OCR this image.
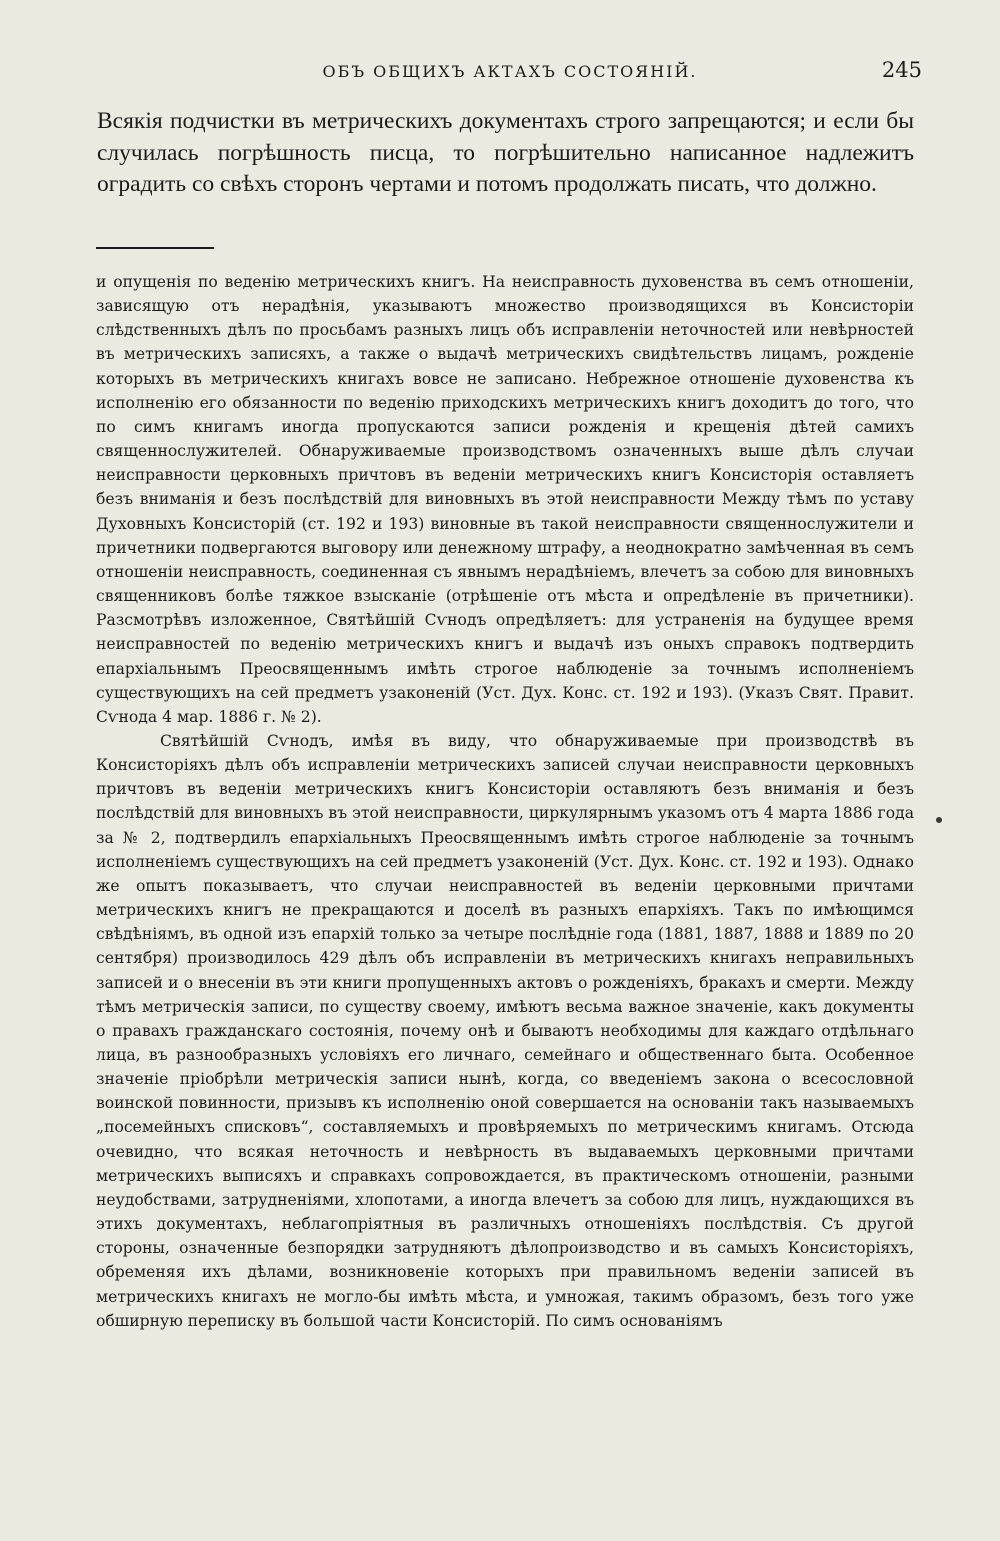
ОБЪ ОБЩИХЪ АКТАХЪ СОСТОЯНІЙ.	245
Всякія подчистки въ метрическихъ документахъ строго запрещаются; и если бы случилась погрѣшность писца, то погрѣшительно написанное надлежитъ оградить со свѣхъ сторонъ чертами и потомъ продолжать писать, что должно.

и опущенія по веденію метрическихъ книгъ. На неисправность духовенства въ семъ отношеніи, зависящую отъ нерадѣнія, указываютъ множество производящихся въ Консисторіи слѣдственныхъ дѣлъ по просьбамъ разныхъ лицъ объ исправленіи неточностей или невѣрностей въ метрическихъ записяхъ, а также о выдачѣ метрическихъ свидѣтельствъ лицамъ, рожденіе которыхъ въ метрическихъ книгахъ вовсе не записано. Небрежное отношеніе духовенства къ исполненію его обязанности по веденію приходскихъ метрическихъ книгъ доходитъ до того, что по симъ книгамъ иногда пропускаются записи рожденія и крещенія дѣтей самихъ священнослужителей. Обнаруживаемые производствомъ означенныхъ выше дѣлъ случаи неисправности церковныхъ причтовъ въ веденіи метрическихъ книгъ Консисторія оставляетъ безъ вниманія и безъ послѣдствій для виновныхъ въ этой неисправности Между тѣмъ по уставу Духовныхъ Консисторій (ст. 192 и 193) виновные въ такой неисправности священнослужители и причетники подвергаются выговору или денежному штрафу, а неоднократно замѣченная въ семъ отношеніи неисправность, соединенная съ явнымъ нерадѣніемъ, влечетъ за собою для виновныхъ священниковъ болѣе тяжкое взысканіе (отрѣшеніе отъ мѣста и опредѣленіе въ причетники). Разсмотрѣвъ изложенное, Святѣйшій Сѵнодъ опредѣляетъ: для устраненія на будущее время неисправностей по веденію метрическихъ книгъ и выдачѣ изъ оныхъ справокъ подтвердить епархіальнымъ Преосвященнымъ имѣть строгое наблюденіе за точнымъ исполненіемъ существующихъ на сей предметъ узаконеній (Уст. Дух. Конс. ст. 192 и 193). (Указъ Свят. Правит. Сѵнода 4 мар. 1886 г. № 2).

Святѣйшій Сѵнодъ, имѣя въ виду, что обнаруживаемые при производствѣ въ Консисторіяхъ дѣлъ объ исправленіи метрическихъ записей случаи неисправности церковныхъ причтовъ въ веденіи метрическихъ книгъ Консисторіи оставляютъ безъ вниманія и безъ послѣдствій для виновныхъ въ этой неисправности, циркулярнымъ указомъ отъ 4 марта 1886 года за № 2, подтвердилъ епархіальныхъ Преосвященнымъ имѣть строгое наблюденіе за точнымъ исполненіемъ существующихъ на сей предметъ узаконеній (Уст. Дух. Конс. ст. 192 и 193). Однако же опытъ показываетъ, что случаи неисправностей въ веденіи церковными причтами метрическихъ книгъ не прекращаются и доселѣ въ разныхъ епархіяхъ. Такъ по имѣющимся свѣдѣніямъ, въ одной изъ епархій только за четыре послѣдніе года (1881, 1887, 1888 и 1889 по 20 сентября) производилось 429 дѣлъ объ исправленіи въ метрическихъ книгахъ неправильныхъ записей и о внесеніи въ эти книги пропущенныхъ актовъ о рожденіяхъ, бракахъ и смерти. Между тѣмъ метрическія записи, по существу своему, имѣютъ весьма важное значеніе, какъ документы о правахъ гражданскаго состоянія, почему онѣ и бываютъ необходимы для каждаго отдѣльнаго лица, въ разнообразныхъ условіяхъ его личнаго, семейнаго и общественнаго быта. Особенное значеніе пріобрѣли метрическія записи нынѣ, когда, со введеніемъ закона о всесословной воинской повинности, призывъ къ исполненію оной совершается на основаніи такъ называемыхъ „посемейныхъ списковъ“, составляемыхъ и провѣряемыхъ по метрическимъ книгамъ. Отсюда очевидно, что всякая неточность и невѣрность въ выдаваемыхъ церковными причтами метрическихъ выписяхъ и справкахъ сопровождается, въ практическомъ отношеніи, разными неудобствами, затрудненіями, хлопотами, а иногда влечетъ за собою для лицъ, нуждающихся въ этихъ документахъ, неблагопріятныя въ различныхъ отношеніяхъ послѣдствія. Съ другой стороны, означенные безпорядки затрудняютъ дѣлопроизводство и въ самыхъ Консисторіяхъ, обременяя ихъ дѣлами, возникновеніе которыхъ при правильномъ веденіи записей въ метрическихъ книгахъ не могло-бы имѣть мѣста, и умножая, такимъ образомъ, безъ того уже обширную переписку въ большой части Консисторій. По симъ основаніямъ
